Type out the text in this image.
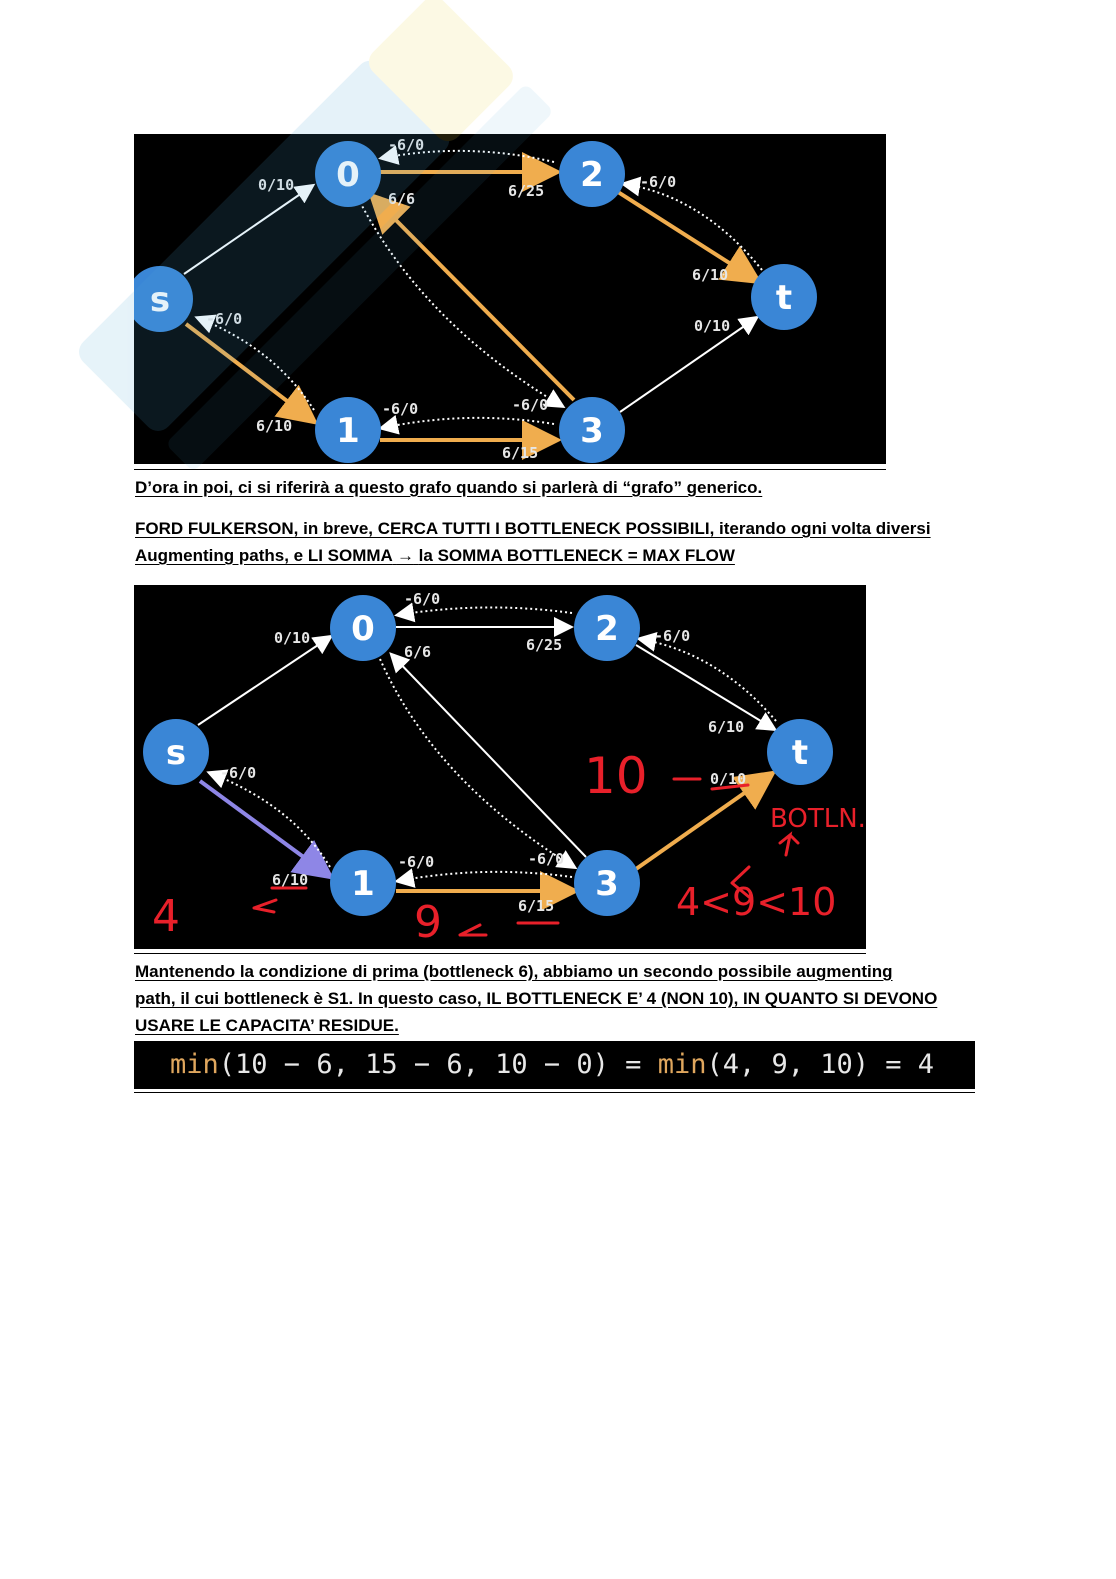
0	2
s	t
1	3
0/10
-6/0
6/25
6/6
-6/0
6/10
0/10
-6/0
6/10
-6/0	-6/0
6/15
D’ora in poi, ci si riferirà a questo grafo quando si parlerà di “grafo” generico.
FORD FULKERSON, in breve, CERCA TUTTI I BOTTLENECK POSSIBILI, iterando ogni volta diversi
Augmenting paths, e LI SOMMA → la SOMMA BOTTLENECK = MAX FLOW
0	2
s	t
1	3
0/10
-6/0
6/25
6/6
-6/0
6/10
0/10
-6/0
6/10
-6/0	-6/0
6/15
10
4	9
BOTLN.
4<9<10
Mantenendo la condizione di prima (bottleneck 6), abbiamo un secondo possibile augmenting
path, il cui bottleneck è S1. In questo caso, IL BOTTLENECK E’ 4 (NON 10), IN QUANTO SI DEVONO
USARE LE CAPACITA’ RESIDUE.
min(10 − 6, 15 − 6, 10 − 0) = min(4, 9, 10) = 4
